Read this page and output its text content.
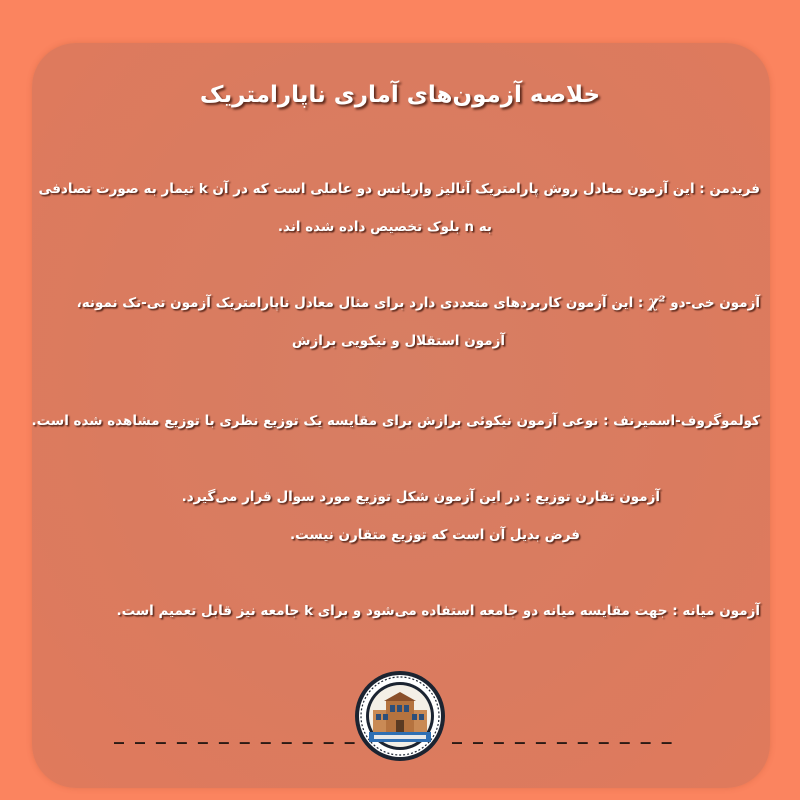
خلاصه آزمون‌های آماری ناپارامتریک
فریدمن : این آزمون معادل روش پارامتریک آنالیز واریانس دو عاملی است که در آن k تیمار به صورت تصادفی
به n بلوک تخصیص داده شده اند.
آزمون خی-دو χ² : این آزمون کاربردهای متعددی دارد برای مثال معادل ناپارامتریک آزمون تی-تک نمونه،
آزمون استقلال و نیکویی برازش
کولموگروف-اسمیرنف : نوعی آزمون نیکوئی برازش برای مقایسه یک توزیع نظری با توزیع مشاهده شده است.
آزمون تقارن توزیع : در این آزمون شکل توزیع مورد سوال قرار می‌گیرد.
فرض بدیل آن است که توزیع متقارن نیست.
آزمون میانه : جهت مقایسه میانه دو جامعه استفاده می‌شود و برای k جامعه نیز قابل تعمیم است.
_ _ _ _ _ _ _ _ _ _ _ _	_ _ _ _ _ _ _ _ _ _ _
